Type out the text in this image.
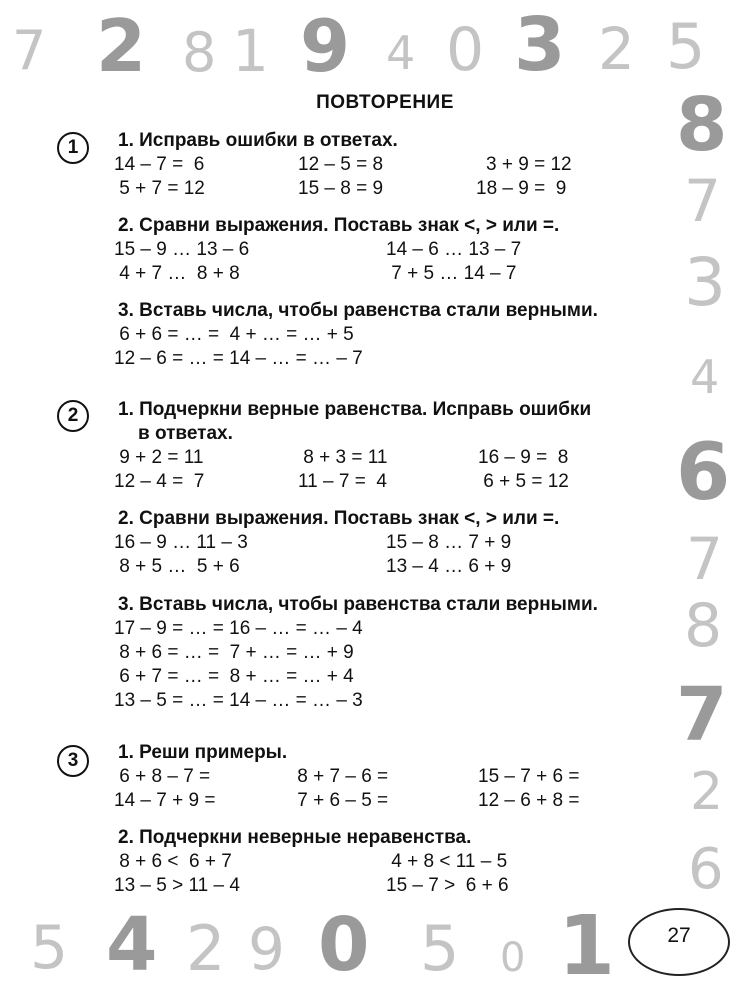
7 2 8 1 9 4 0 3 2 5
8
7
3
4
6
7
8
7
2
6
5 4 2 9 0 5 0 1
ПОВТОРЕНИЕ
1	1. Исправь ошибки в ответах.
14 – 7 =  6	12 – 5 = 8	3 + 9 = 12
5 + 7 = 12	15 – 8 = 9	18 – 9 =  9
2. Сравни выражения. Поставь знак <, > или =.
15 – 9 … 13 – 6	14 – 6 … 13 – 7
4 + 7 …  8 + 8	7 + 5 … 14 – 7
3. Вставь числа, чтобы равенства стали верными.
6 + 6 = … =  4 + … = … + 5
12 – 6 = … = 14 – … = … – 7
2	1. Подчеркни верные равенства. Исправь ошибки
в ответах.
9 + 2 = 11	8 + 3 = 11	16 – 9 =  8
12 – 4 =  7	11 – 7 =  4	6 + 5 = 12
2. Сравни выражения. Поставь знак <, > или =.
16 – 9 … 11 – 3	15 – 8 … 7 + 9
8 + 5 …  5 + 6	13 – 4 … 6 + 9
3. Вставь числа, чтобы равенства стали верными.
17 – 9 = … = 16 – … = … – 4
8 + 6 = … =  7 + … = … + 9
6 + 7 = … =  8 + … = … + 4
13 – 5 = … = 14 – … = … – 3
3	1. Реши примеры.
6 + 8 – 7 =	8 + 7 – 6 =	15 – 7 + 6 =
14 – 7 + 9 =	7 + 6 – 5 =	12 – 6 + 8 =
2. Подчеркни неверные неравенства.
8 + 6 <  6 + 7	4 + 8 < 11 – 5
13 – 5 > 11 – 4	15 – 7 >  6 + 6
27
